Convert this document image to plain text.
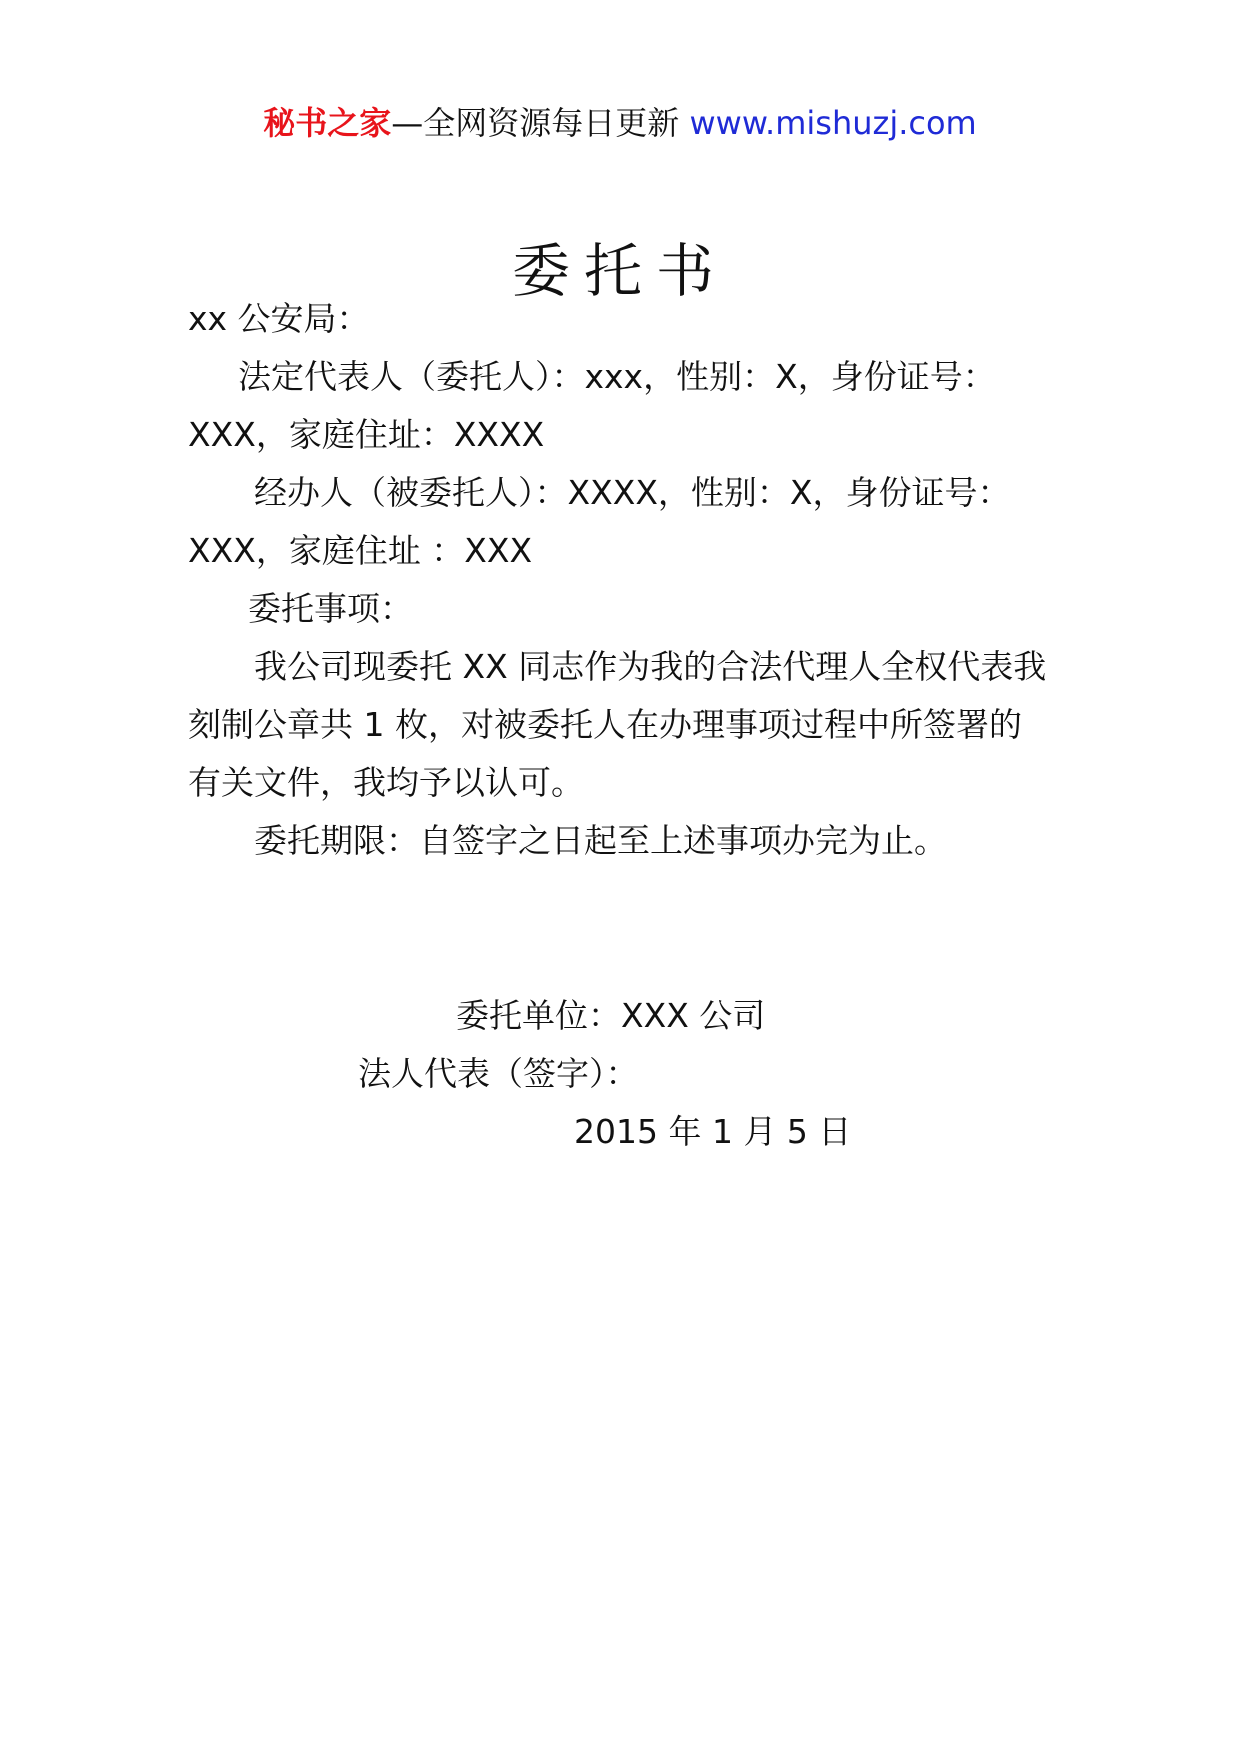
秘书之家—全网资源每日更新 www.mishuzj.com
委托书
xx 公安局：
法定代表人（委托人）：xxx，性别：X，身份证号：
XXX，家庭住址：XXXX
经办人（被委托人）：XXXX，性别：X，身份证号：
XXX，家庭住址 ：XXX
委托事项：
我公司现委托 XX 同志作为我的合法代理人全权代表我
刻制公章共 1 枚，对被委托人在办理事项过程中所签署的
有关文件，我均予以认可。
委托期限：自签字之日起至上述事项办完为止。
委托单位：XXX 公司
法人代表（签字）：
2015 年 1 月 5 日
